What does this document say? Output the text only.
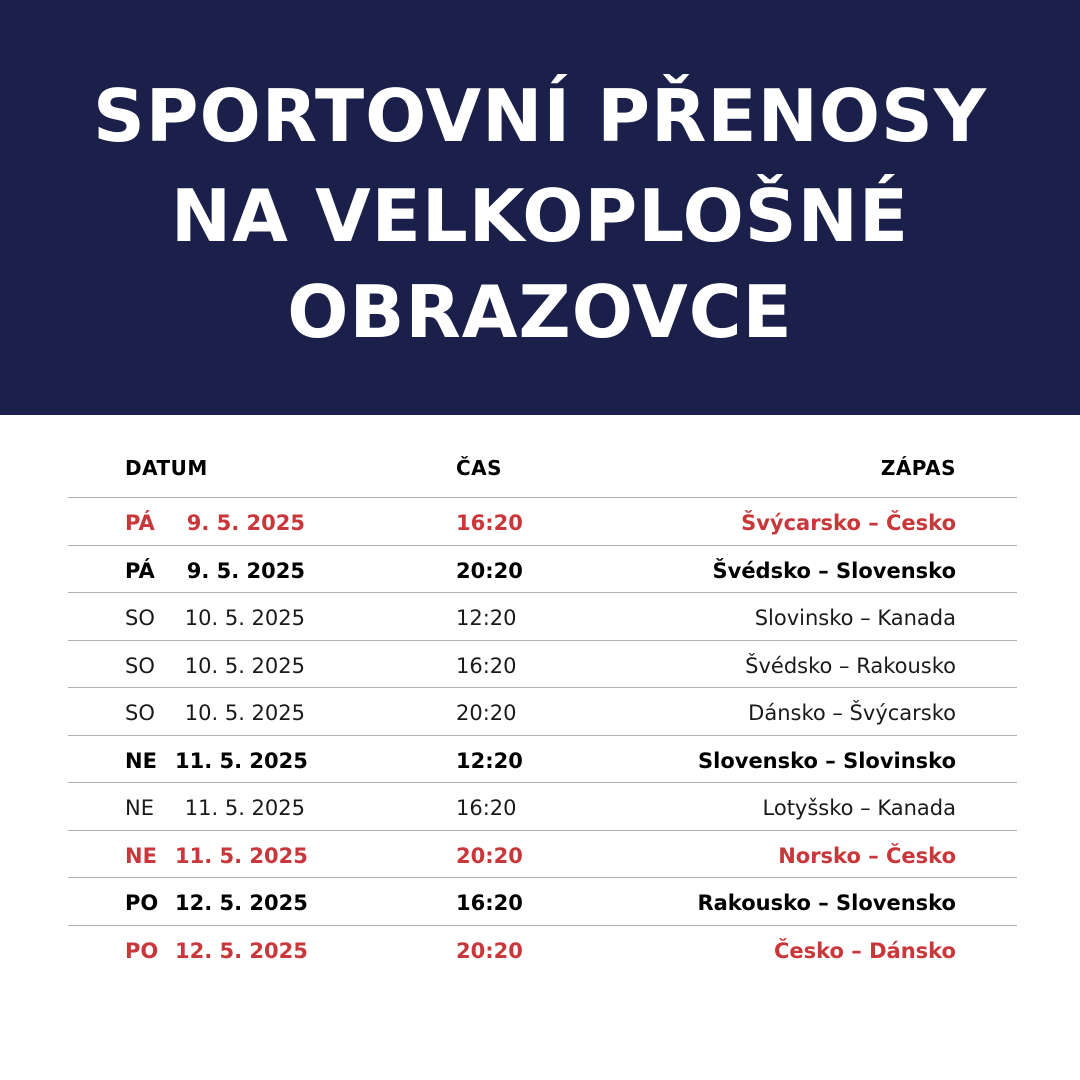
SPORTOVNÍ PŘENOSY
NA VELKOPLOŠNÉ
OBRAZOVCE
DATUM	ČAS	ZÁPAS
PÁ	9. 5. 2025	16:20	Švýcarsko – Česko
PÁ	9. 5. 2025	20:20	Švédsko – Slovensko
SO	10. 5. 2025	12:20	Slovinsko – Kanada
SO	10. 5. 2025	16:20	Švédsko – Rakousko
SO	10. 5. 2025	20:20	Dánsko – Švýcarsko
NE 11. 5. 2025	12:20	Slovensko – Slovinsko
NE	11. 5. 2025	16:20	Lotyšsko – Kanada
NE 11. 5. 2025	20:20	Norsko – Česko
PO 12. 5. 2025	16:20	Rakousko – Slovensko
PO 12. 5. 2025	20:20	Česko – Dánsko
